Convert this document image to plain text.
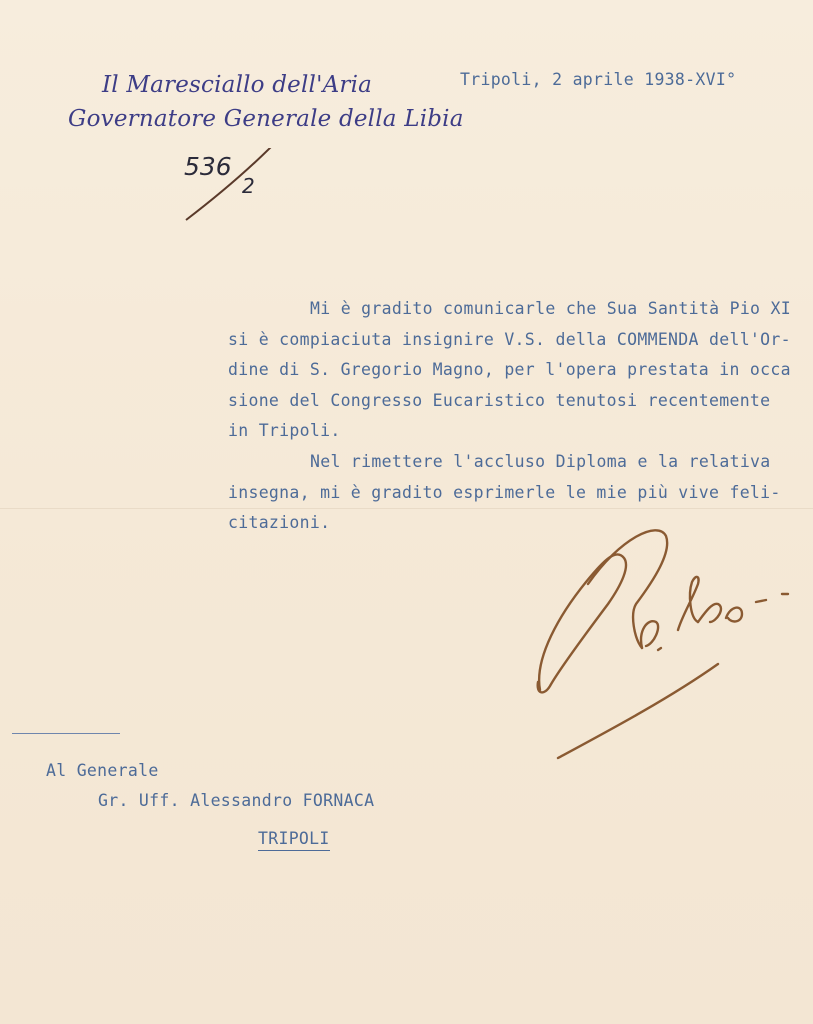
Il Maresciallo dell'Aria
Governatore Generale della Libia
536
2
Tripoli, 2 aprile 1938-XVI°
Mi è gradito comunicarle che Sua Santità Pio XI
si è compiaciuta insignire V.S. della COMMENDA dell'Or-
dine di S. Gregorio Magno, per l'opera prestata in occa
sione del Congresso Eucaristico tenutosi recentemente
in Tripoli.
Nel rimettere l'accluso Diploma e la relativa
insegna, mi è gradito esprimerle le mie più vive feli-
citazioni.
Al Generale
Gr. Uff. Alessandro FORNACA
TRIPOLI
